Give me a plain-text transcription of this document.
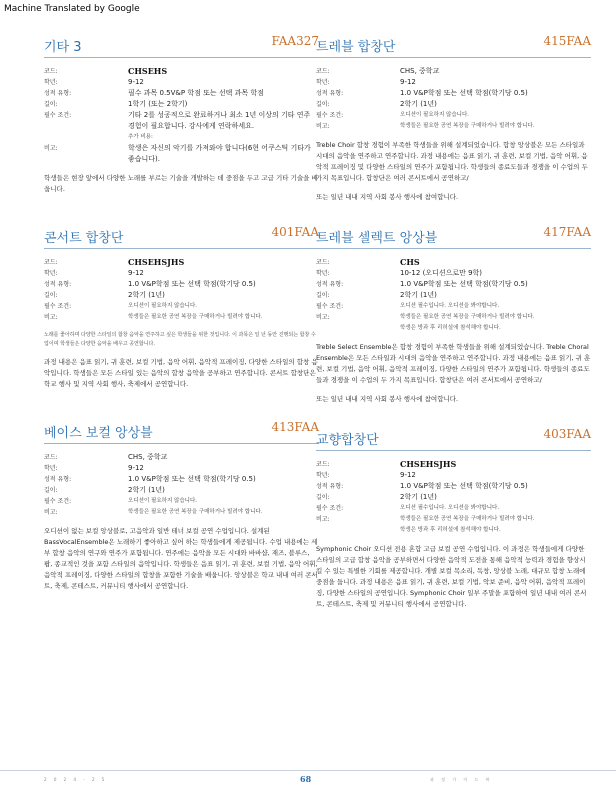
Machine Translated by Google
기타 3	FAA327
코드:	CHSEHS
학년:	9-12
성적 유형:	필수 과목 0.5V&P 학점 또는 선택 과목 학점
길이:	1학기 (또는 2학기)
필수 조건:	기타 2를 성공적으로 완료하거나 최소 1년 이상의 기타 연주 경험이 필요합니다. 강사에게 연락하세요.
추가 비용:
비고:	학생은 자신의 악기를 가져와야 합니다(6현 어쿠스틱 기타가 좋습니다).

학생들은 현장 앞에서 다양한 노래를 부르는 기술을 개발하는 데 중점을 두고 고급 기타 기술을 배웁니다.

콘서트 합창단	401FAA
코드:	CHSEHSJHS
학년:	9-12
성적 유형:	1.0 V&P학점 또는 선택 학점(학기당 0.5)
길이:	2학기 (1년)
필수 조건:	오디션이 필요하지 않습니다.
비고:	학생들은 필요한 공연 복장을 구매하거나 빌려야 합니다.

노래를 좋아하며 다양한 스타일의 합창 음악을 연주하고 싶은 학생들을 위한 것입니다. 이 과목은 일 년 동안 진행되는 합창 수업이며 학생들은 다양한 음악을 배우고 공연합니다.

과정 내용은 음표 읽기, 귀 훈련, 보컬 기법, 음악 어휘, 음악적 프레이징, 다양한 스타일의 합창 음악입니다. 학생들은 모든 스타일 있는 음악의 합창 음악을 공부하고 연주합니다. 콘서트 합창단은 학교 행사 및 지역 사회 행사, 축제에서 공연합니다.

베이스 보컬 앙상블	413FAA
코드:	CHS, 중학교
학년:	9-12
성적 유형:	1.0 V&P학점 또는 선택 학점(학기당 0.5)
길이:	2학기 (1년)
필수 조건:	오디션이 필요하지 않습니다.
비고:	학생들은 필요한 공연 복장을 구매하거나 빌려야 합니다.

오디션이 없는 보컬 앙상블로, 고음악과 일반 테너 보컬 공연 수업입니다. 설계된 BassVocalEnsemble은 노래하기 좋아하고 싶어 하는 학생들에게 제공됩니다. 수업 내용에는 세부 합창 음악의 연구와 연주가 포함됩니다. 연주에는 음악을 모든 시대와 바바샵, 재즈, 블루스, 팝, 종교적인 것을 포함 스타일의 음악입니다. 학생들은 음표 읽기, 귀 훈련, 보컬 기법, 음악 어휘, 음악적 프레이징, 다양한 스타일의 합창을 포함한 기술을 배웁니다. 앙상블은 학교 내내 여러 콘서트, 축제, 콘테스트, 커뮤니티 행사에서 공연합니다.

트레블 합창단	415FAA
코드:	CHS, 중학교
학년:	9-12
성적 유형:	1.0 V&P학점 또는 선택 학점(학기당 0.5)
길이:	2학기 (1년)
필수 조건:	오디션이 필요하지 않습니다.
비고:	학생들은 필요한 공연 복장을 구매하거나 빌려야 합니다.

Treble Choir 합창 경험이 부족한 학생들을 위해 설계되었습니다. 합창 앙상블은 모든 스타일과 시대의 음악을 연주하고 연주합니다. 과정 내용에는 음표 읽기, 귀 훈련, 보컬 기법, 음악 어휘, 음악적 프레이징 및 다양한 스타일의 연주가 포함됩니다. 학생들의 종료도들과 경쟁을 이 수업의 두 가지 목표입니다. 합창단은 여러 콘서트에서 공연하고/

또는 일년 내내 지역 사회 봉사 행사에 참여합니다.

트레블 셀렉트 앙상블	417FAA
코드:	CHS
학년:	10-12 (오디션으로만 9학)
성적 유형:	1.0 V&P학점 또는 선택 학점(학기당 0.5)
길이:	2학기 (1년)
필수 조건:	오디션 필수입니다. 오디션을 봐야합니다.
비고:	학생들은 필요한 공연 복장을 구매하거나 빌려야 합니다.
학생은 방과 후 리허설에 참석해야 합니다.

Treble Select Ensemble은 합창 경험이 부족한 학생들을 위해 설계되었습니다. Treble Choral Ensemble은 모든 스타일과 시대의 음악을 연주하고 연주합니다. 과정 내용에는 음표 읽기, 귀 훈련, 보컬 기법, 음악 어휘, 음악적 프레이징, 다양한 스타일의 연주가 포함됩니다. 학생들의 종료도들과 경쟁을 이 수업의 두 가지 목표입니다. 합창단은 여러 콘서트에서 공연하고/

또는 일년 내내 지역 사회 봉사 행사에 참여합니다.

교향합창단	403FAA
코드:	CHSEHSJHS
학년:	9-12
성적 유형:	1.0 V&P학점 또는 선택 학점(학기당 0.5)
길이:	2학기 (1년)
필수 조건:	오디션 필수입니다. 오디션을 봐야합니다.
비고:	학생들은 필요한 공연 복장을 구매하거나 빌려야 합니다.
학생은 방과 후 리허설에 참석해야 합니다.

Symphonic Choir 오디션 전용 혼합 고급 보컬 공연 수업입니다. 이 과정은 학생들에게 다양한 스타일의 고급 합창 음악을 공부하면서 다양한 음악적 도전을 통해 음악적 능력과 경험을 향상시킬 수 있는 특별한 기회를 제공합니다. 개별 보컬 목소리, 독창, 앙상블 노래, 대규모 합창 노래에 중점을 둡니다. 과정 내용은 음표 읽기, 귀 훈련, 보컬 기법, 악보 준비, 음악 어휘, 음악적 프레이징, 다양한 스타일의 공연입니다. Symphonic Choir 일부 주말을 포함하여 일년 내내 여러 콘서트, 콘테스트, 축제 및 커뮤니티 행사에서 공연합니다.

2 0 2 4 - 2 5	68	과 정 가 이 드 북
